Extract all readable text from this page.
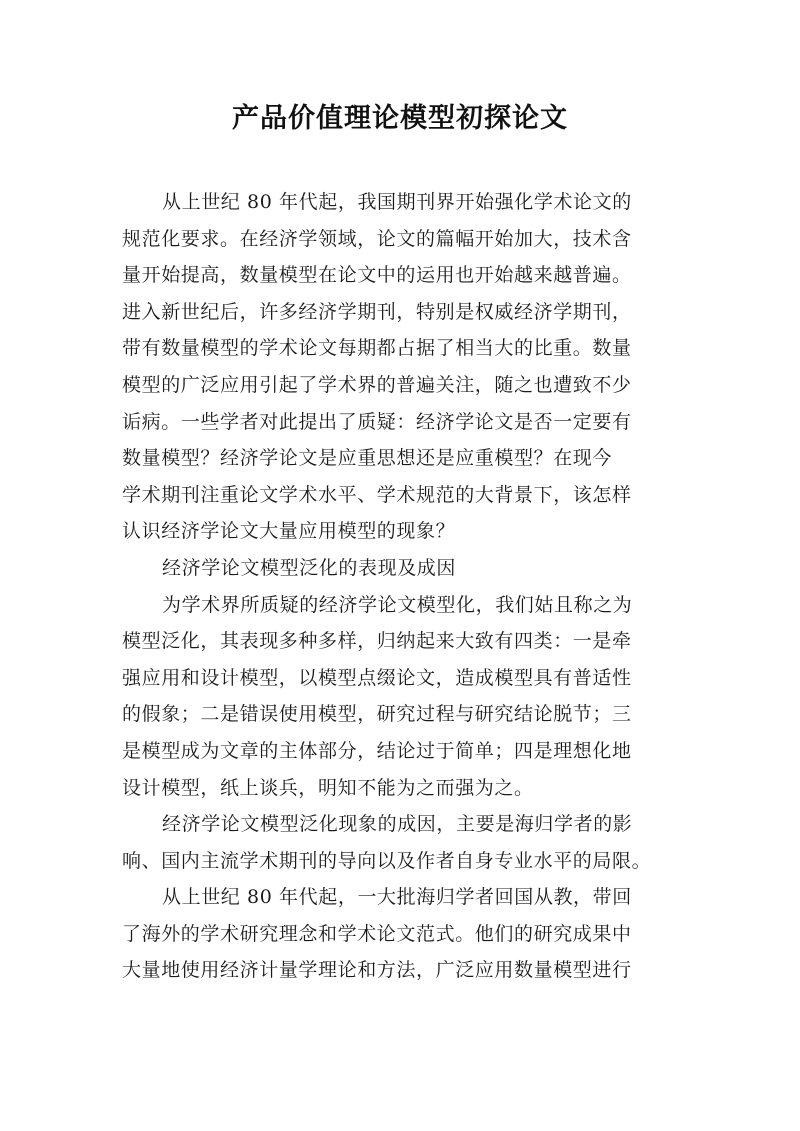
产品价值理论模型初探论文
从上世纪 80 年代起，我国期刊界开始强化学术论文的
规范化要求。在经济学领域，论文的篇幅开始加大，技术含
量开始提高，数量模型在论文中的运用也开始越来越普遍。
进入新世纪后，许多经济学期刊，特别是权威经济学期刊，
带有数量模型的学术论文每期都占据了相当大的比重。数量
模型的广泛应用引起了学术界的普遍关注，随之也遭致不少
诟病。一些学者对此提出了质疑：经济学论文是否一定要有
数量模型？经济学论文是应重思想还是应重模型？在现今
学术期刊注重论文学术水平、学术规范的大背景下，该怎样
认识经济学论文大量应用模型的现象？
经济学论文模型泛化的表现及成因
为学术界所质疑的经济学论文模型化，我们姑且称之为
模型泛化，其表现多种多样，归纳起来大致有四类：一是牵
强应用和设计模型，以模型点缀论文，造成模型具有普适性
的假象；二是错误使用模型，研究过程与研究结论脱节；三
是模型成为文章的主体部分，结论过于简单；四是理想化地
设计模型，纸上谈兵，明知不能为之而强为之。
经济学论文模型泛化现象的成因，主要是海归学者的影
响、国内主流学术期刊的导向以及作者自身专业水平的局限。
从上世纪 80 年代起，一大批海归学者回国从教，带回
了海外的学术研究理念和学术论文范式。他们的研究成果中
大量地使用经济计量学理论和方法，广泛应用数量模型进行
